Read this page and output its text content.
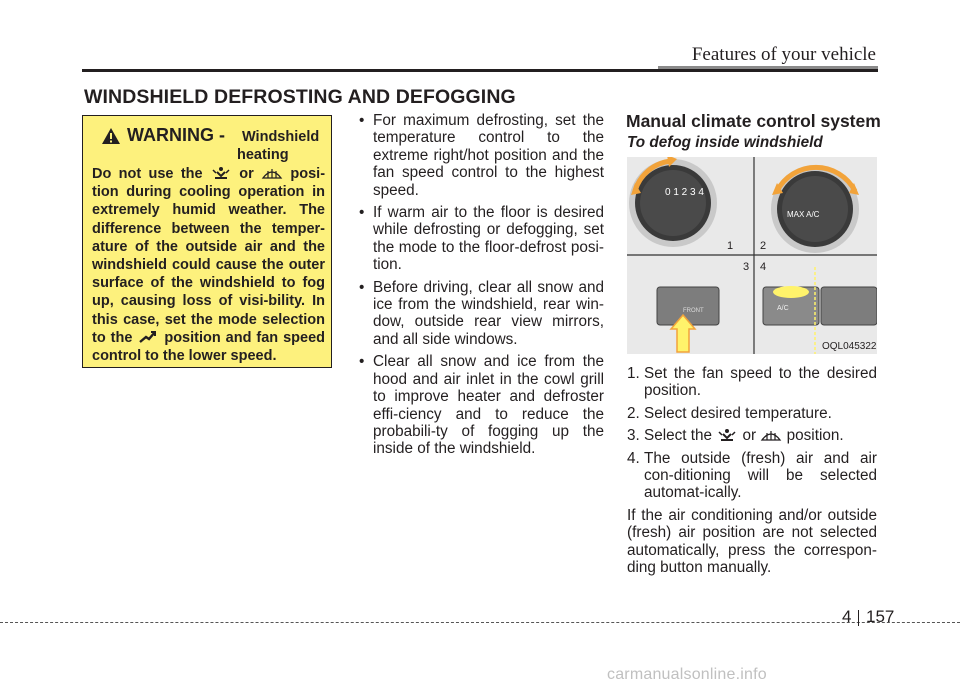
Features of your vehicle
WINDSHIELD DEFROSTING AND DEFOGGING
WARNING - Windshield
heating
Do not use the	or	posi-tion during cooling operation in extremely humid weather. The difference between the temper-ature of the outside air and the windshield could cause the outer surface of the windshield to fog up, causing loss of visi-bility. In this case, set the mode selection to the position and fan speed control to the lower speed.
• For maximum defrosting, set the temperature control to the extreme right/hot position and the fan speed control to the highest speed.
• If warm air to the floor is desired while defrosting or defogging, set the mode to the floor-defrost posi-tion.
• Before driving, clear all snow and ice from the windshield, rear win-dow, outside rear view mirrors, and all side windows.
• Clear all snow and ice from the hood and air inlet in the cowl grill to improve heater and defroster effi-ciency and to reduce the probabili-ty of fogging up the inside of the windshield.
Manual climate control system
To defog inside windshield
0 1 2 3 4
MAX A/C
1 2
3 4
FRONT	A/C
OQL045322
1. Set the fan speed to the desired position.
2. Select desired temperature.
3. Select the or position.
4. The outside (fresh) air and air con-ditioning will be selected automat-ically.
If the air conditioning and/or outside (fresh) air position are not selected automatically, press the correspon-ding button manually.
4 157
carmanualsonline.info
